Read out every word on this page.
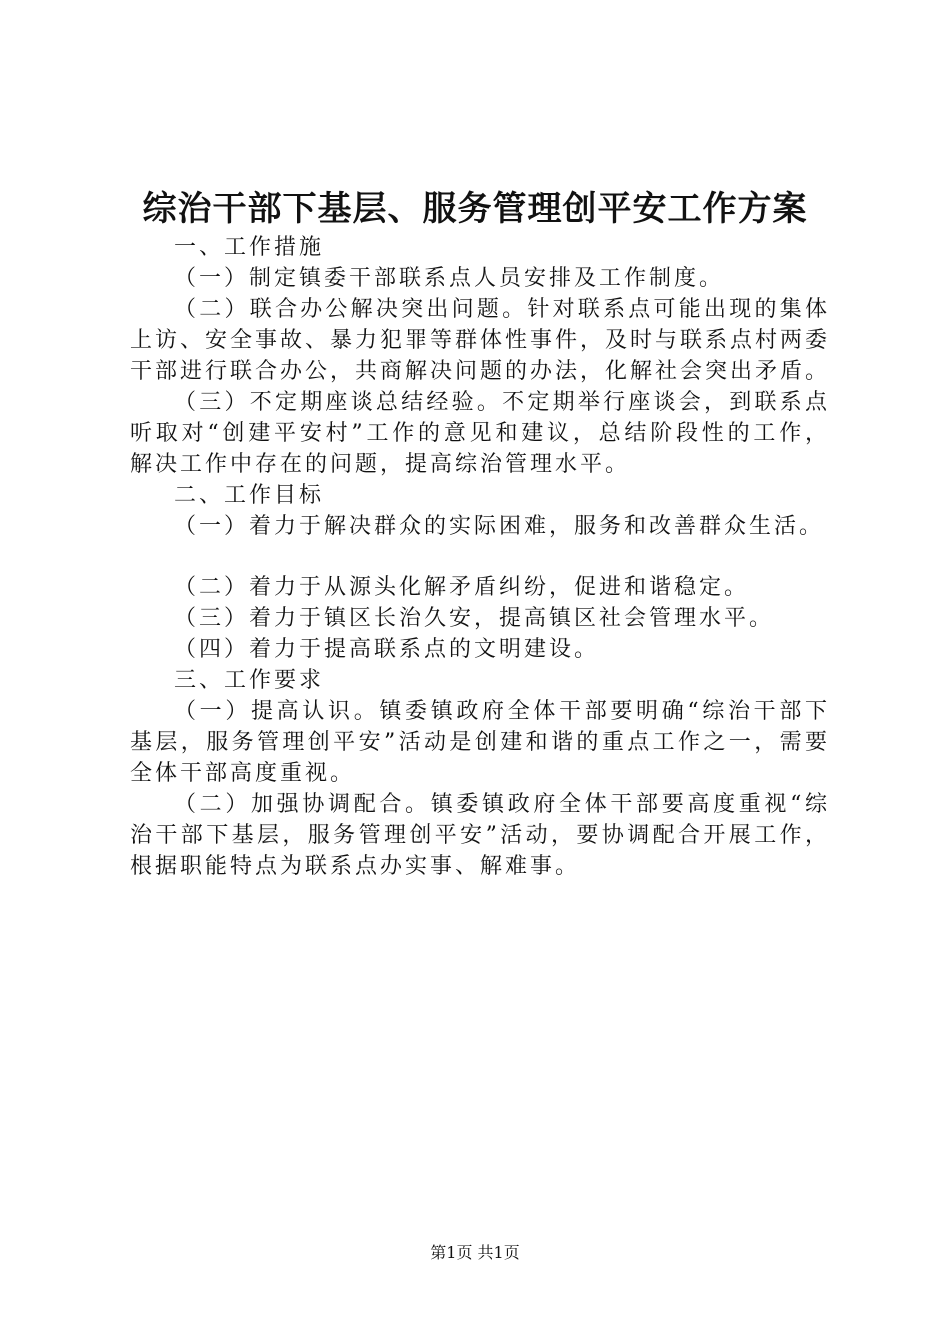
综治干部下基层、服务管理创平安工作方案

一、工作措施

（一）制定镇委干部联系点人员安排及工作制度。

（二）联合办公解决突出问题。针对联系点可能出现的集体上访、安全事故、暴力犯罪等群体性事件，及时与联系点村两委干部进行联合办公，共商解决问题的办法，化解社会突出矛盾。

（三）不定期座谈总结经验。不定期举行座谈会，到联系点听取对“创建平安村”工作的意见和建议，总结阶段性的工作，解决工作中存在的问题，提高综治管理水平。

二、工作目标

（一）着力于解决群众的实际困难，服务和改善群众生活。

（二）着力于从源头化解矛盾纠纷，促进和谐稳定。

（三）着力于镇区长治久安，提高镇区社会管理水平。

（四）着力于提高联系点的文明建设。

三、工作要求

（一）提高认识。镇委镇政府全体干部要明确“综治干部下基层，服务管理创平安”活动是创建和谐的重点工作之一，需要全体干部高度重视。

（二）加强协调配合。镇委镇政府全体干部要高度重视“综治干部下基层，服务管理创平安”活动，要协调配合开展工作，根据职能特点为联系点办实事、解难事。

第1页 共1页
